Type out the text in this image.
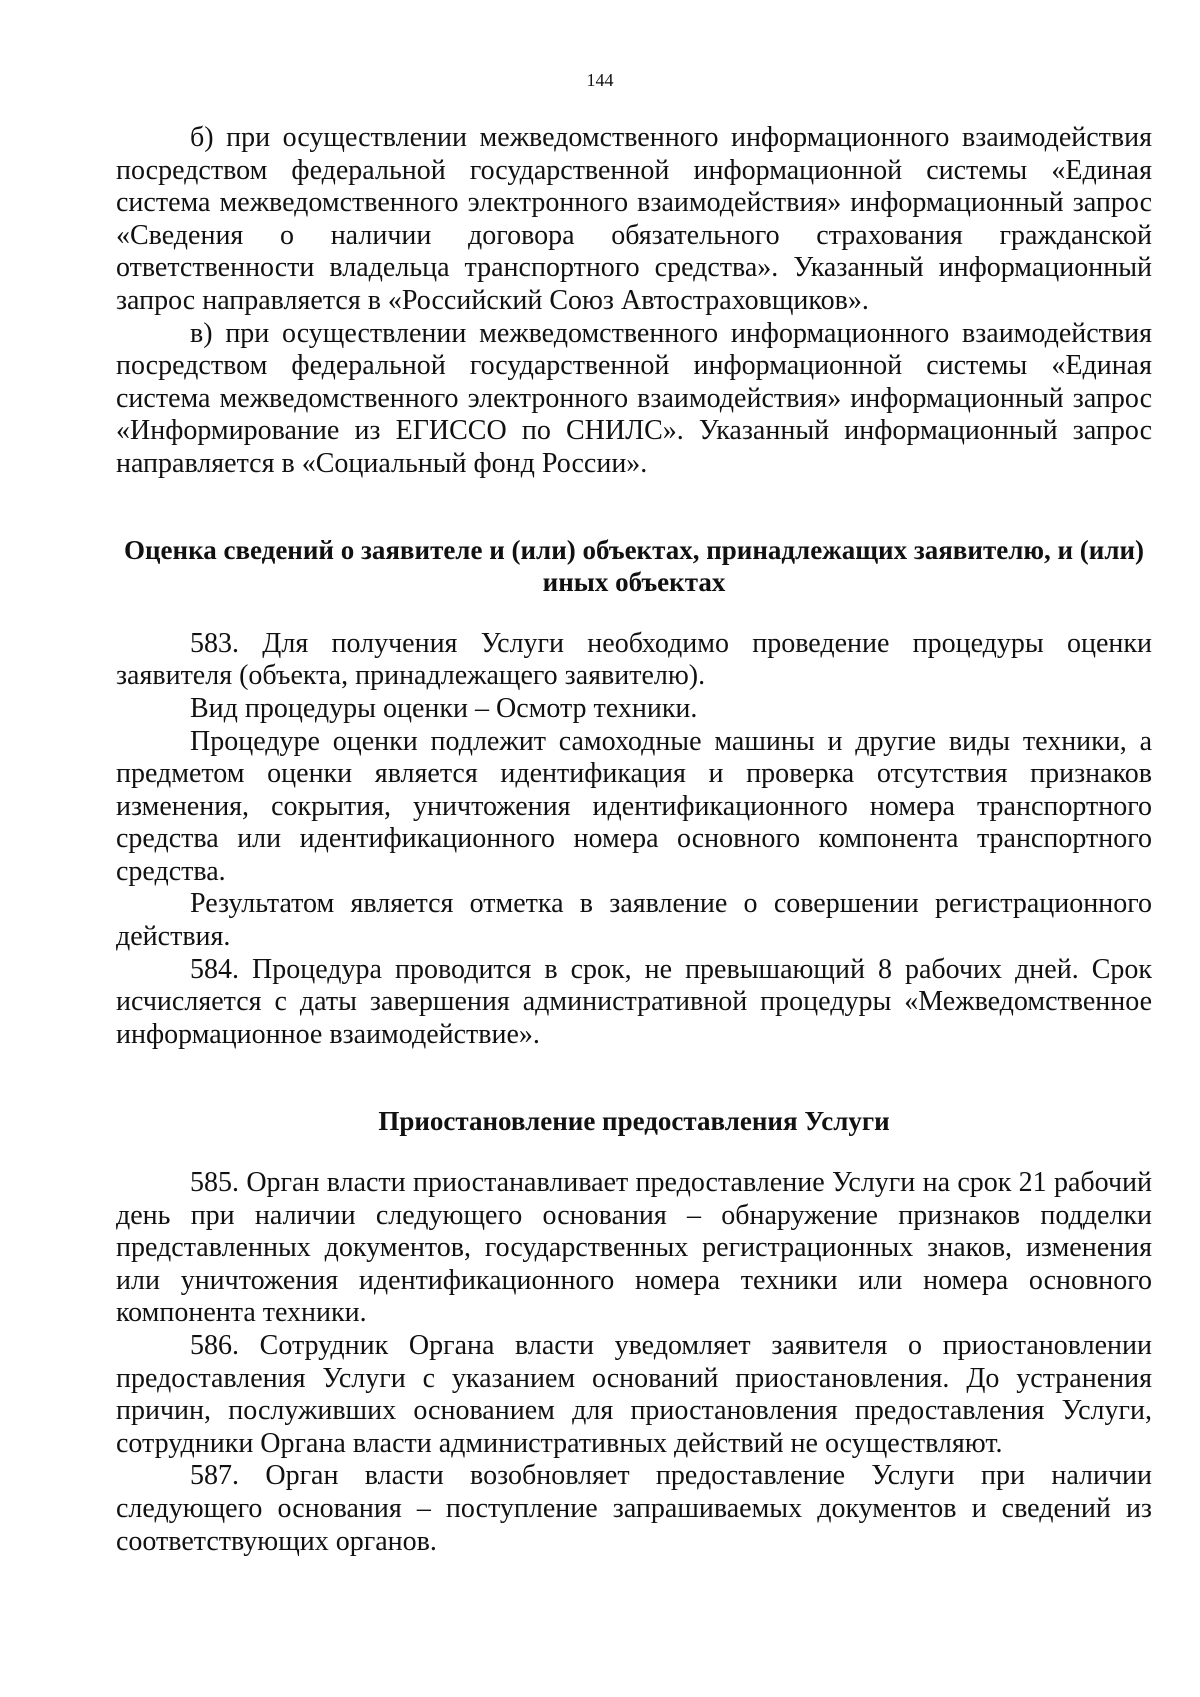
144

б) при осуществлении межведомственного информационного взаимодействия посредством федеральной государственной информационной системы «Единая система межведомственного электронного взаимодействия» информационный запрос «Сведения о наличии договора обязательного страхования гражданской ответственности владельца транспортного средства». Указанный информационный запрос направляется в «Российский Союз Автостраховщиков».

в) при осуществлении межведомственного информационного взаимодействия посредством федеральной государственной информационной системы «Единая система межведомственного электронного взаимодействия» информационный запрос «Информирование из ЕГИССО по СНИЛС». Указанный информационный запрос направляется в «Социальный фонд России».

Оценка сведений о заявителе и (или) объектах, принадлежащих заявителю, и (или) иных объектах

583. Для получения Услуги необходимо проведение процедуры оценки заявителя (объекта, принадлежащего заявителю).

Вид процедуры оценки – Осмотр техники.

Процедуре оценки подлежит самоходные машины и другие виды техники, а предметом оценки является идентификация и проверка отсутствия признаков изменения, сокрытия, уничтожения идентификационного номера транспортного средства или идентификационного номера основного компонента транспортного средства.

Результатом является отметка в заявление о совершении регистрационного действия.

584. Процедура проводится в срок, не превышающий 8 рабочих дней. Срок исчисляется с даты завершения административной процедуры «Межведомственное информационное взаимодействие».

Приостановление предоставления Услуги

585. Орган власти приостанавливает предоставление Услуги на срок 21 рабочий день при наличии следующего основания – обнаружение признаков подделки представленных документов, государственных регистрационных знаков, изменения или уничтожения идентификационного номера техники или номера основного компонента техники.

586. Сотрудник Органа власти уведомляет заявителя о приостановлении предоставления Услуги с указанием оснований приостановления. До устранения причин, послуживших основанием для приостановления предоставления Услуги, сотрудники Органа власти административных действий не осуществляют.

587. Орган власти возобновляет предоставление Услуги при наличии следующего основания – поступление запрашиваемых документов и сведений из соответствующих органов.
